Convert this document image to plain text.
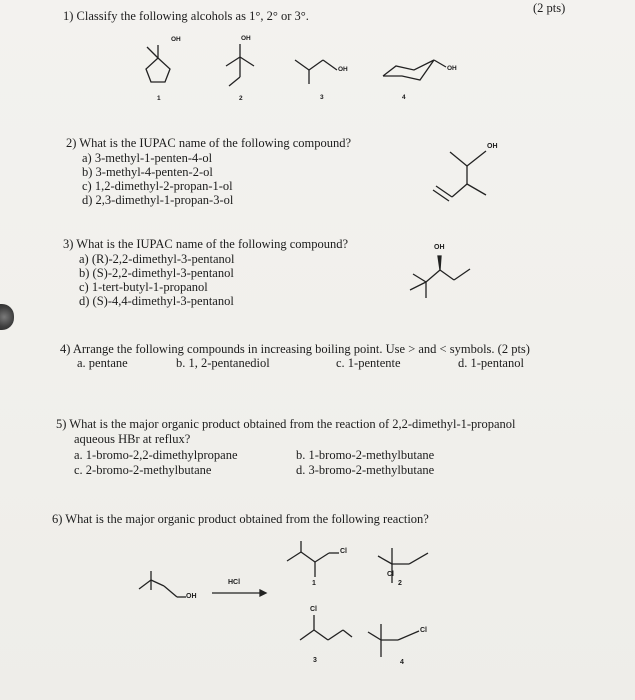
1) Classify the following alcohols as 1°, 2° or 3°.
(2 pts)
OH	OH
OH	OH
1	2	3	4
2) What is the IUPAC name of the following compound?
a) 3-methyl-1-penten-4-ol
b) 3-methyl-4-penten-2-ol
c) 1,2-dimethyl-2-propan-1-ol
d) 2,3-dimethyl-1-propan-3-ol
OH
3) What is the IUPAC name of the following compound?
a) (R)-2,2-dimethyl-3-pentanol
b) (S)-2,2-dimethyl-3-pentanol
c) 1-tert-butyl-1-propanol
d) (S)-4,4-dimethyl-3-pentanol
OH
4) Arrange the following compounds in increasing boiling point. Use > and < symbols. (2 pts)
a. pentane	b. 1, 2-pentanediol	c. 1-pentente	d. 1-pentanol
5) What is the major organic product obtained from the reaction of 2,2-dimethyl-1-propanol
aqueous HBr at reflux?
a. 1-bromo-2,2-dimethylpropane	b. 1-bromo-2-methylbutane
c. 2-bromo-2-methylbutane	d. 3-bromo-2-methylbutane
6) What is the major organic product obtained from the following reaction?
OH
HCl
Cl
1
Cl
2
Cl
3
Cl
4
